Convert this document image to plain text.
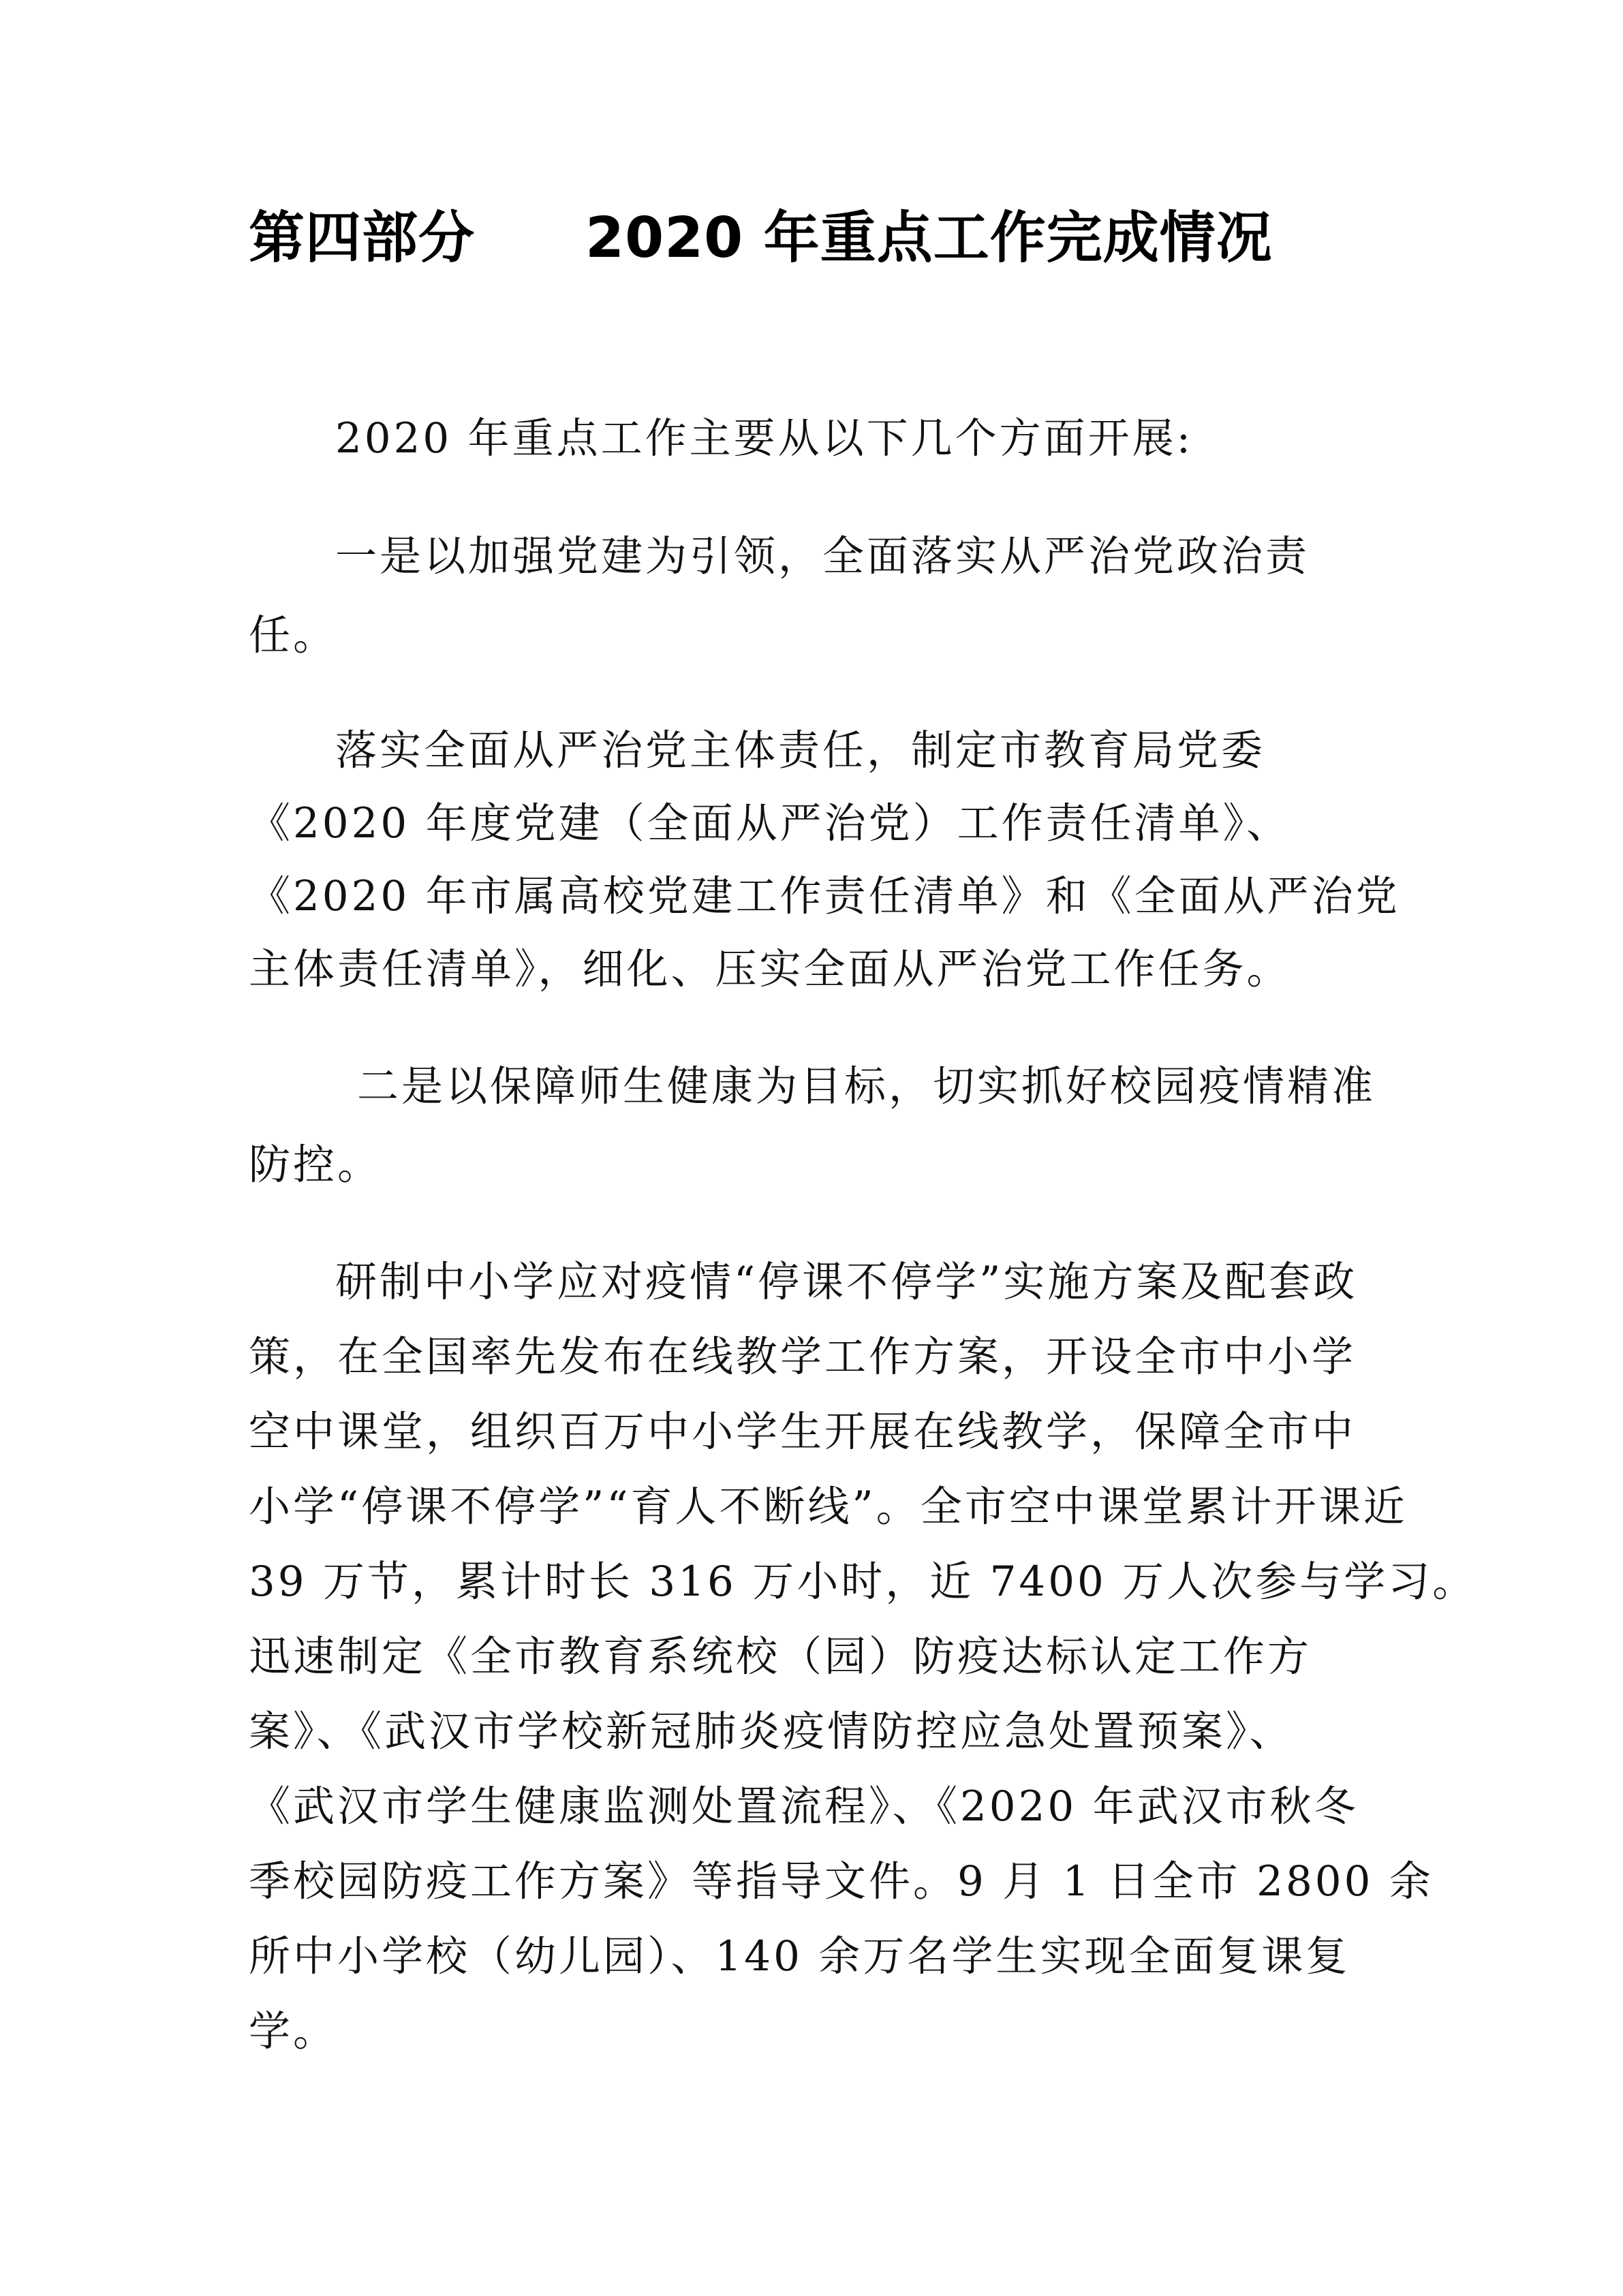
第四部分 2020 年重点工作完成情况
2020 年重点工作主要从以下几个方面开展:
一是以加强党建为引领，全面落实从严治党政治责
任。
落实全面从严治党主体责任，制定市教育局党委
《2020 年度党建（全面从严治党）工作责任清单》、
《2020 年市属高校党建工作责任清单》和《全面从严治党
主体责任清单》，细化、压实全面从严治党工作任务。
二是以保障师生健康为目标，切实抓好校园疫情精准
防控。
研制中小学应对疫情“停课不停学”实施方案及配套政
策，在全国率先发布在线教学工作方案，开设全市中小学
空中课堂，组织百万中小学生开展在线教学，保障全市中
小学“停课不停学”“育人不断线”。全市空中课堂累计开课近
39 万节，累计时长 316 万小时，近 7400 万人次参与学习。
迅速制定《全市教育系统校（园）防疫达标认定工作方
案》、《武汉市学校新冠肺炎疫情防控应急处置预案》、
《武汉市学生健康监测处置流程》、《2020 年武汉市秋冬
季校园防疫工作方案》等指导文件。9 月 1 日全市 2800 余
所中小学校（幼儿园）、140 余万名学生实现全面复课复
学。
